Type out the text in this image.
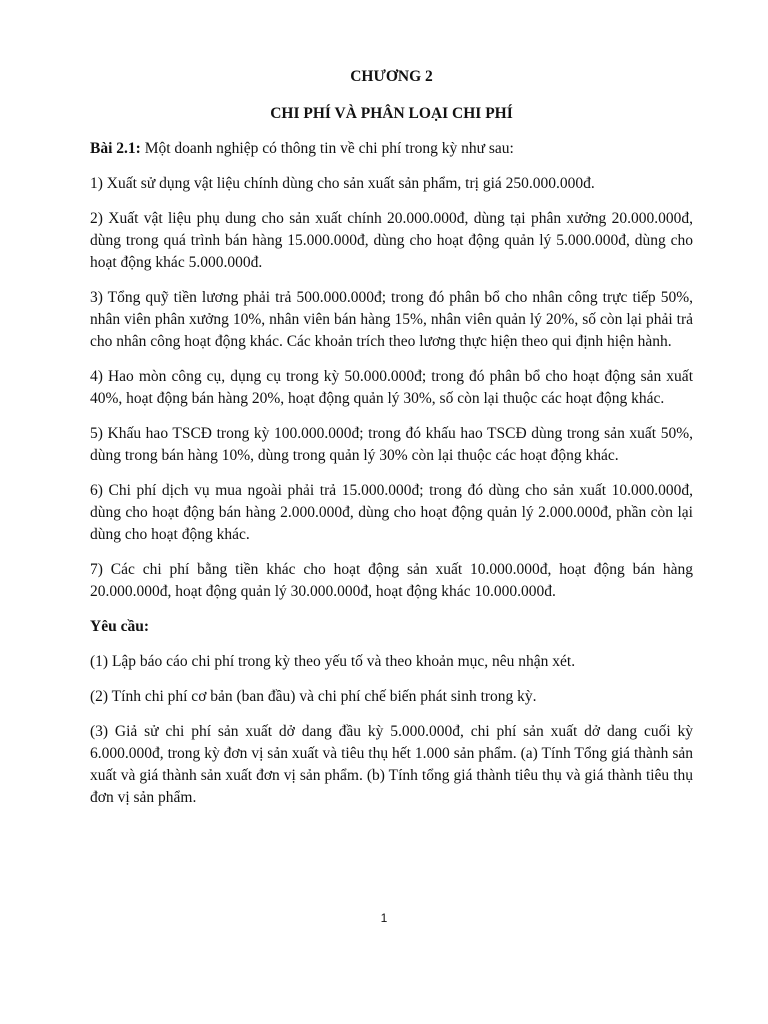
CHƯƠNG 2
CHI PHÍ VÀ PHÂN LOẠI CHI PHÍ

Bài 2.1: Một doanh nghiệp có thông tin về chi phí trong kỳ như sau:

1) Xuất sử dụng vật liệu chính dùng cho sản xuất sản phẩm, trị giá 250.000.000đ.

2) Xuất vật liệu phụ dung cho sản xuất chính 20.000.000đ, dùng tại phân xưởng 20.000.000đ, dùng trong quá trình bán hàng 15.000.000đ, dùng cho hoạt động quản lý 5.000.000đ, dùng cho hoạt động khác 5.000.000đ.

3) Tổng quỹ tiền lương phải trả 500.000.000đ; trong đó phân bổ cho nhân công trực tiếp 50%, nhân viên phân xưởng 10%, nhân viên bán hàng 15%, nhân viên quản lý 20%, số còn lại phải trả cho nhân công hoạt động khác. Các khoản trích theo lương thực hiện theo qui định hiện hành.

4) Hao mòn công cụ, dụng cụ trong kỳ 50.000.000đ; trong đó phân bổ cho hoạt động sản xuất 40%, hoạt động bán hàng 20%, hoạt động quản lý 30%, số còn lại thuộc các hoạt động khác.

5) Khấu hao TSCĐ trong kỳ 100.000.000đ; trong đó khấu hao TSCĐ dùng trong sản xuất 50%, dùng trong bán hàng 10%, dùng trong quản lý 30% còn lại thuộc các hoạt động khác.

6) Chi phí dịch vụ mua ngoài phải trả 15.000.000đ; trong đó dùng cho sản xuất 10.000.000đ, dùng cho hoạt động bán hàng 2.000.000đ, dùng cho hoạt động quản lý 2.000.000đ, phần còn lại dùng cho hoạt động khác.

7) Các chi phí bằng tiền khác cho hoạt động sản xuất 10.000.000đ, hoạt động bán hàng 20.000.000đ, hoạt động quản lý 30.000.000đ, hoạt động khác 10.000.000đ.

Yêu cầu:

(1) Lập báo cáo chi phí trong kỳ theo yếu tố và theo khoản mục, nêu nhận xét.

(2) Tính chi phí cơ bản (ban đầu) và chi phí chế biến phát sinh trong kỳ.

(3) Giả sử chi phí sản xuất dở dang đầu kỳ 5.000.000đ, chi phí sản xuất dở dang cuối kỳ 6.000.000đ, trong kỳ đơn vị sản xuất và tiêu thụ hết 1.000 sản phẩm. (a) Tính Tổng giá thành sản xuất và giá thành sản xuất đơn vị sản phẩm. (b) Tính tổng giá thành tiêu thụ và giá thành tiêu thụ đơn vị sản phẩm.

1
